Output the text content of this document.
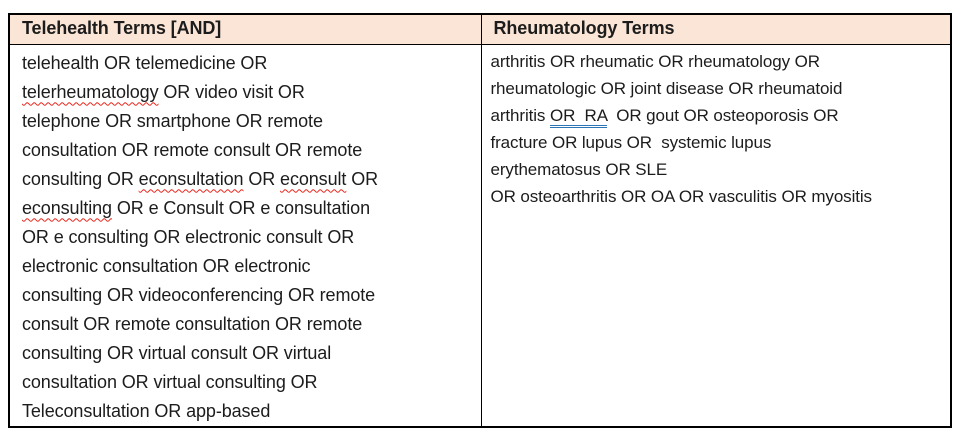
Telehealth Terms [AND]	Rheumatology Terms

telehealth OR telemedicine OR
telerheumatology OR video visit OR
telephone OR smartphone OR remote
consultation OR remote consult OR remote
consulting OR econsultation OR econsult OR
econsulting OR e Consult OR e consultation
OR e consulting OR electronic consult OR
electronic consultation OR electronic
consulting OR videoconferencing OR remote
consult OR remote consultation OR remote
consulting OR virtual consult OR virtual
consultation OR virtual consulting OR
Teleconsultation OR app-based

arthritis OR rheumatic OR rheumatology OR
rheumatologic OR joint disease OR rheumatoid
arthritis OR  RA  OR gout OR osteoporosis OR
fracture OR lupus OR  systemic lupus
erythematosus OR SLE
OR osteoarthritis OR OA OR vasculitis OR myositis
